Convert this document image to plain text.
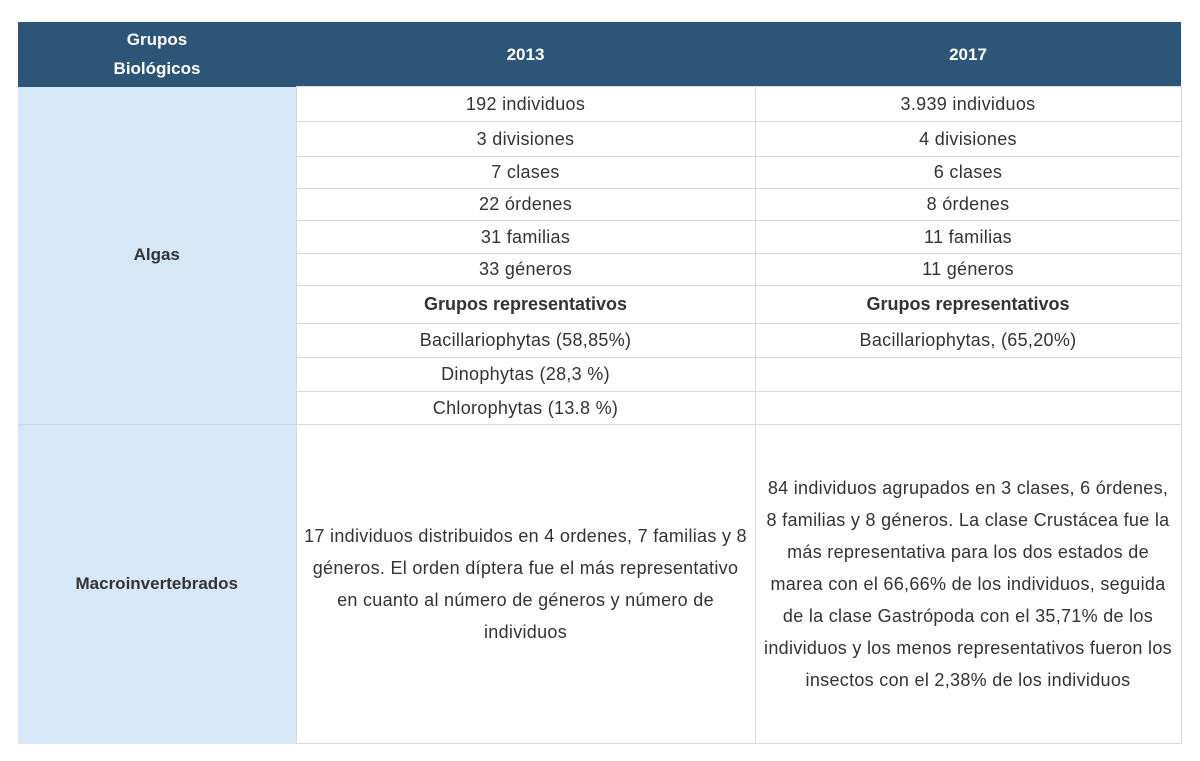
Grupos
Biológicos	2013	2017
Algas	192 individuos	3.939 individuos
	3 divisiones	4 divisiones
	7 clases	6 clases
	22 órdenes	8 órdenes
	31 familias	11 familias
	33 géneros	11 géneros
	Grupos representativos	Grupos representativos
	Bacillariophytas (58,85%)	Bacillariophytas, (65,20%)
	Dinophytas (28,3 %)	
	Chlorophytas (13.8 %)	
Macroinvertebrados	17 individuos distribuidos en 4 ordenes, 7 familias y 8 géneros. El orden díptera fue el más representativo en cuanto al número de géneros y número de individuos	84 individuos agrupados en 3 clases, 6 órdenes, 8 familias y 8 géneros. La clase Crustácea fue la más representativa para los dos estados de marea con el 66,66% de los individuos, seguida de la clase Gastrópoda con el 35,71% de los individuos y los menos representativos fueron los insectos con el 2,38% de los individuos
